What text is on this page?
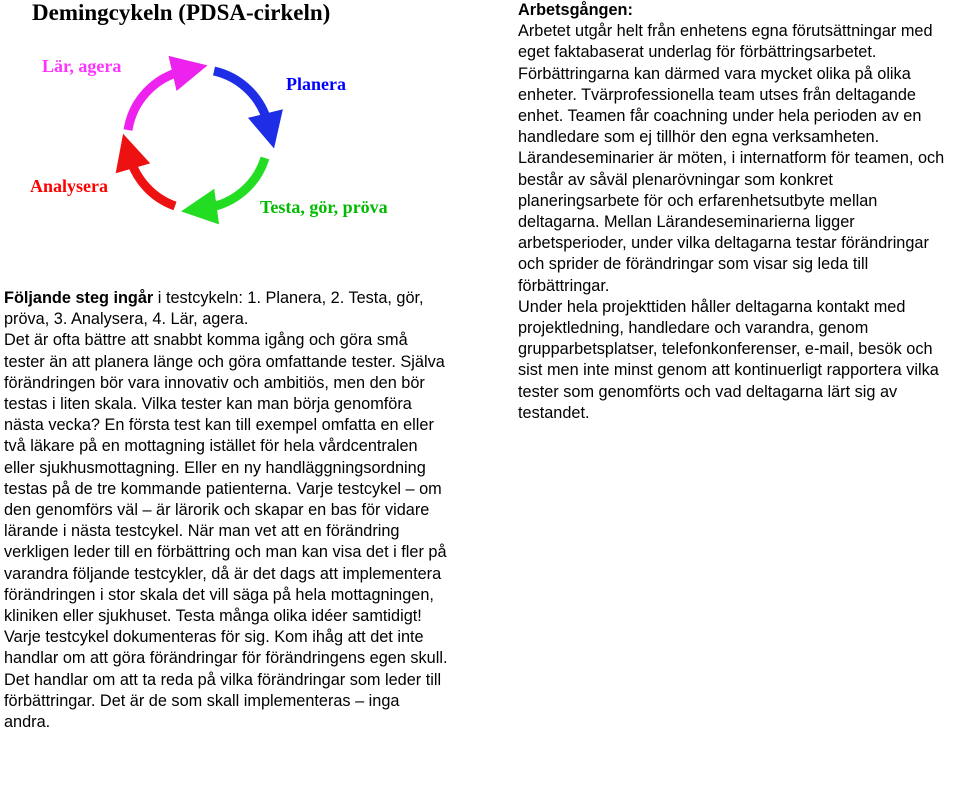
Demingcykeln (PDSA-cirkeln)
Lär, agera
Planera
Analysera
Testa, gör, pröva
Följande steg ingår i testcykeln: 1. Planera, 2. Testa, gör, pröva, 3. Analysera, 4. Lär, agera.
Det är ofta bättre att snabbt komma igång och göra små tester än att planera länge och göra omfattande tester. Själva förändringen bör vara innovativ och ambitiös, men den bör testas i liten skala. Vilka tester kan man börja genomföra nästa vecka? En första test kan till exempel omfatta en eller två läkare på en mottagning istället för hela vårdcentralen eller sjukhusmottagning. Eller en ny handläggningsordning testas på de tre kommande patienterna. Varje testcykel – om den genomförs väl – är lärorik och skapar en bas för vidare lärande i nästa testcykel. När man vet att en förändring verkligen leder till en förbättring och man kan visa det i fler på varandra följande testcykler, då är det dags att implementera förändringen i stor skala det vill säga på hela mottagningen, kliniken eller sjukhuset. Testa många olika idéer samtidigt! Varje testcykel dokumenteras för sig. Kom ihåg att det inte handlar om att göra förändringar för förändringens egen skull. Det handlar om att ta reda på vilka förändringar som leder till förbättringar. Det är de som skall implementeras – inga andra.
Arbetsgången:
Arbetet utgår helt från enhetens egna förutsättningar med eget faktabaserat underlag för förbättringsarbetet.
Förbättringarna kan därmed vara mycket olika på olika enheter. Tvärprofessionella team utses från deltagande enhet. Teamen får coachning under hela perioden av en handledare som ej tillhör den egna verksamheten. Lärandeseminarier är möten, i internatform för teamen, och består av såväl plenarövningar som konkret planeringsarbete för och erfarenhetsutbyte mellan deltagarna. Mellan Lärandeseminarierna ligger arbetsperioder, under vilka deltagarna testar förändringar och sprider de förändringar som visar sig leda till förbättringar.
Under hela projekttiden håller deltagarna kontakt med projektledning, handledare och varandra, genom grupparbetsplatser, telefonkonferenser, e-mail, besök och sist men inte minst genom att kontinuerligt rapportera vilka tester som genomförts och vad deltagarna lärt sig av testandet.
